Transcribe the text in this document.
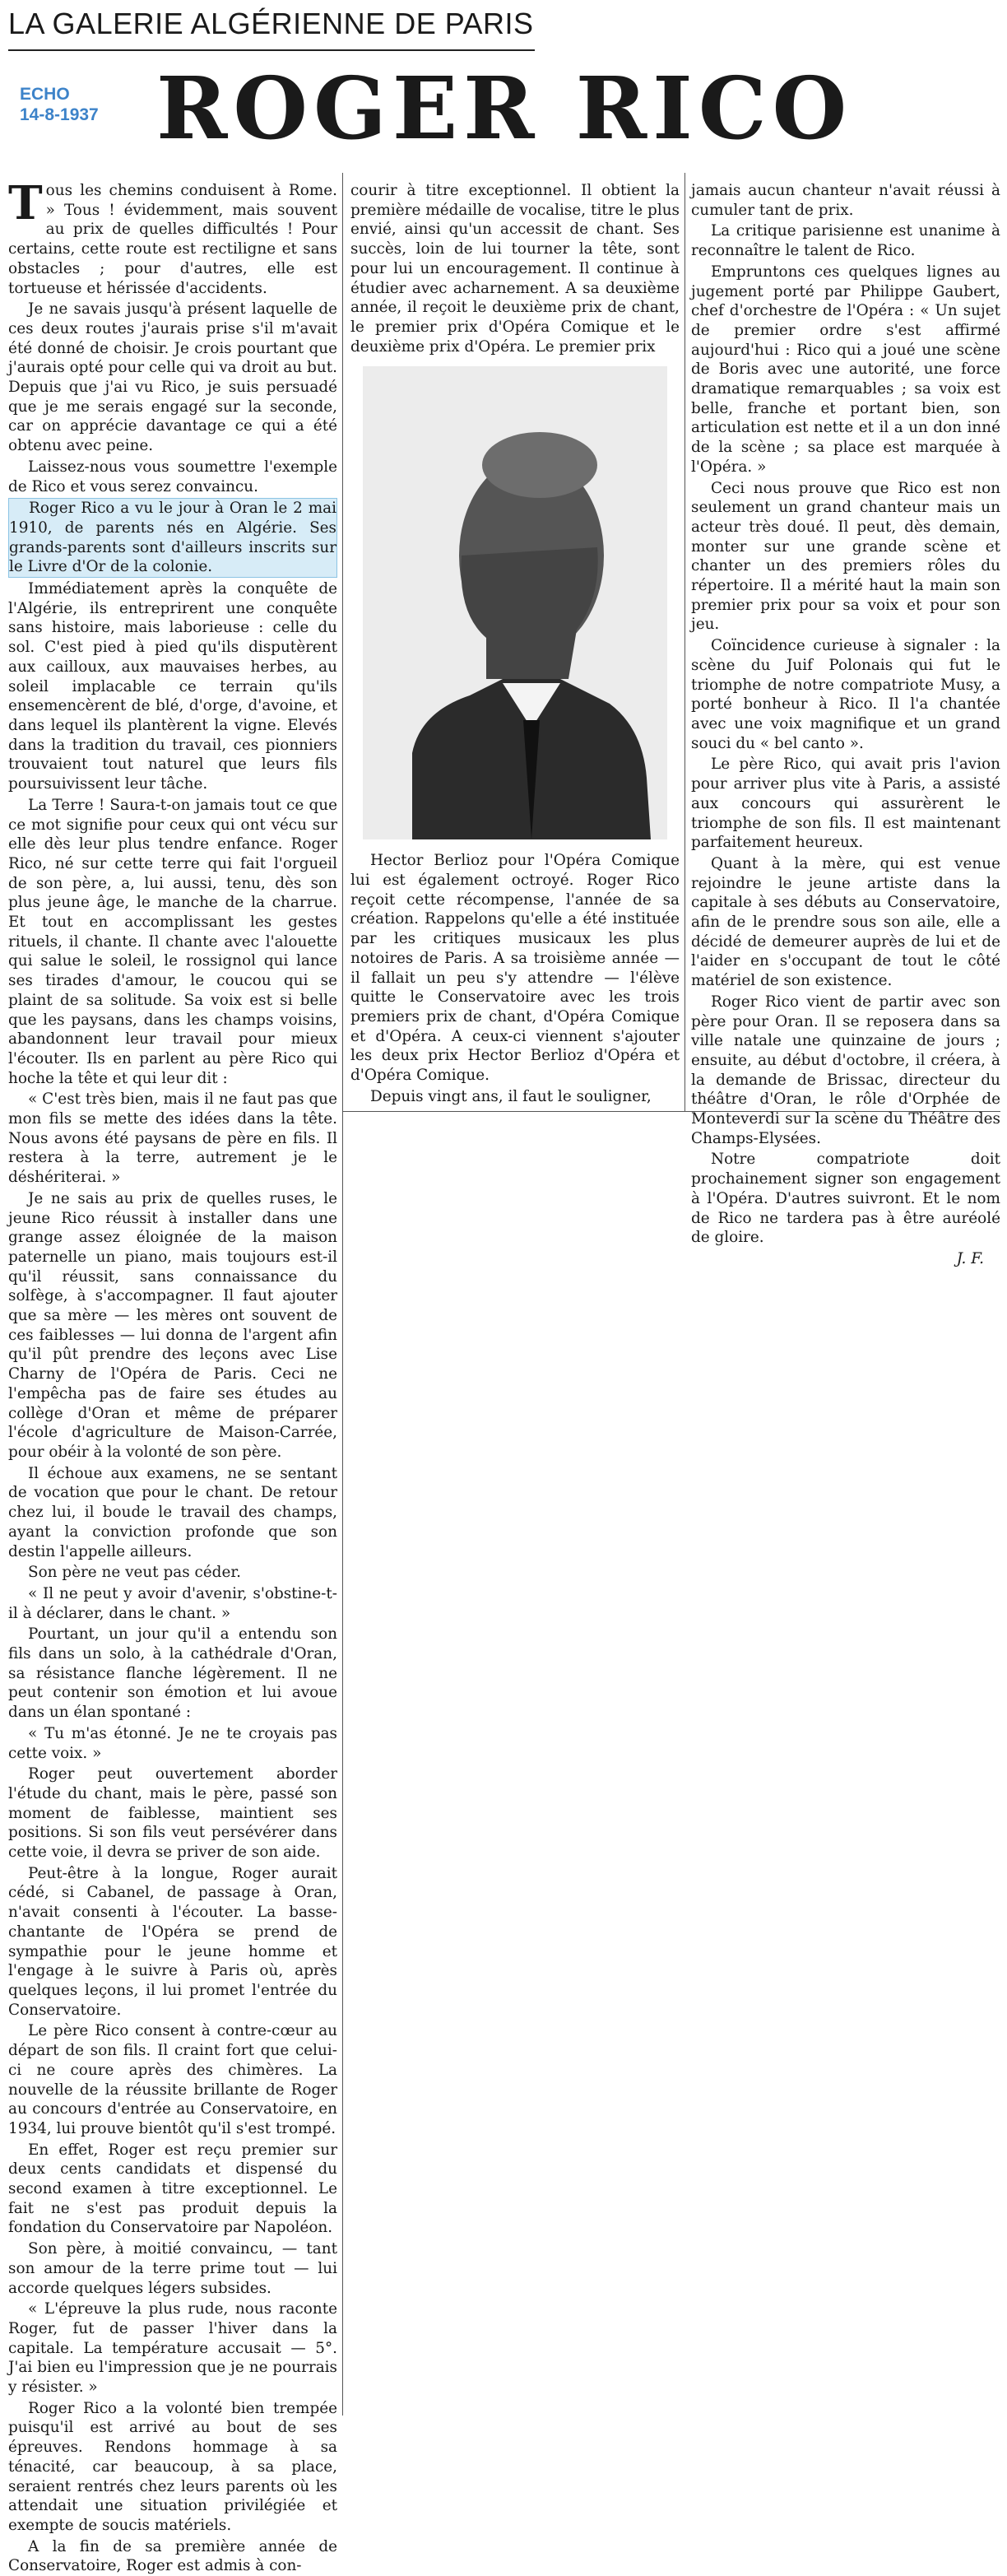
LA GALERIE ALGÉRIENNE DE PARIS
ECHO
14-8-1937 ROGER RICO

Tous les chemins conduisent à Rome. » Tous ! évidemment, mais souvent au prix de quelles difficultés ! Pour certains, cette route est rectiligne et sans obstacles ; pour d'autres, elle est tortueuse et hérissée d'accidents.

Je ne savais jusqu'à présent laquelle de ces deux routes j'aurais prise s'il m'avait été donné de choisir. Je crois pourtant que j'aurais opté pour celle qui va droit au but. Depuis que j'ai vu Rico, je suis persuadé que je me serais engagé sur la seconde, car on apprécie davantage ce qui a été obtenu avec peine.

Laissez-nous vous soumettre l'exemple de Rico et vous serez convaincu.

Roger Rico a vu le jour à Oran le 2 mai 1910, de parents nés en Algérie. Ses grands-parents sont d'ailleurs inscrits sur le Livre d'Or de la colonie.

Immédiatement après la conquête de l'Algérie, ils entreprirent une conquête sans histoire, mais laborieuse : celle du sol. C'est pied à pied qu'ils disputèrent aux cailloux, aux mauvaises herbes, au soleil implacable ce terrain qu'ils ensemencèrent de blé, d'orge, d'avoine, et dans lequel ils plantèrent la vigne. Elevés dans la tradition du travail, ces pionniers trouvaient tout naturel que leurs fils poursuivissent leur tâche.

La Terre ! Saura-t-on jamais tout ce que ce mot signifie pour ceux qui ont vécu sur elle dès leur plus tendre enfance. Roger Rico, né sur cette terre qui fait l'orgueil de son père, a, lui aussi, tenu, dès son plus jeune âge, le manche de la charrue. Et tout en accomplissant les gestes rituels, il chante. Il chante avec l'alouette qui salue le soleil, le rossignol qui lance ses tirades d'amour, le coucou qui se plaint de sa solitude. Sa voix est si belle que les paysans, dans les champs voisins, abandonnent leur travail pour mieux l'écouter. Ils en parlent au père Rico qui hoche la tête et qui leur dit :

« C'est très bien, mais il ne faut pas que mon fils se mette des idées dans la tête. Nous avons été paysans de père en fils. Il restera à la terre, autrement je le déshériterai. »

Je ne sais au prix de quelles ruses, le jeune Rico réussit à installer dans une grange assez éloignée de la maison paternelle un piano, mais toujours est-il qu'il réussit, sans connaissance du solfège, à s'accompagner. Il faut ajouter que sa mère — les mères ont souvent de ces faiblesses — lui donna de l'argent afin qu'il pût prendre des leçons avec Lise Charny de l'Opéra de Paris. Ceci ne l'empêcha pas de faire ses études au collège d'Oran et même de préparer l'école d'agriculture de Maison-Carrée, pour obéir à la volonté de son père.

Il échoue aux examens, ne se sentant de vocation que pour le chant. De retour chez lui, il boude le travail des champs, ayant la conviction profonde que son destin l'appelle ailleurs.

Son père ne veut pas céder.

« Il ne peut y avoir d'avenir, s'obstine-t-il à déclarer, dans le chant. »

Pourtant, un jour qu'il a entendu son fils dans un solo, à la cathédrale d'Oran, sa résistance flanche légèrement. Il ne peut contenir son émotion et lui avoue dans un élan spontané :

« Tu m'as étonné. Je ne te croyais pas cette voix. »

Roger peut ouvertement aborder l'étude du chant, mais le père, passé son moment de faiblesse, maintient ses positions. Si son fils veut persévérer dans cette voie, il devra se priver de son aide.

Peut-être à la longue, Roger aurait cédé, si Cabanel, de passage à Oran, n'avait consenti à l'écouter. La basse-chantante de l'Opéra se prend de sympathie pour le jeune homme et l'engage à le suivre à Paris où, après quelques leçons, il lui promet l'entrée du Conservatoire.

Le père Rico consent à contre-cœur au départ de son fils. Il craint fort que celui-ci ne coure après des chimères. La nouvelle de la réussite brillante de Roger au concours d'entrée au Conservatoire, en 1934, lui prouve bientôt qu'il s'est trompé.

En effet, Roger est reçu premier sur deux cents candidats et dispensé du second examen à titre exceptionnel. Le fait ne s'est pas produit depuis la fondation du Conservatoire par Napoléon.

Son père, à moitié convaincu, — tant son amour de la terre prime tout — lui accorde quelques légers subsides.

« L'épreuve la plus rude, nous raconte Roger, fut de passer l'hiver dans la capitale. La température accusait — 5°. J'ai bien eu l'impression que je ne pourrais y résister. »

Roger Rico a la volonté bien trempée puisqu'il est arrivé au bout de ses épreuves. Rendons hommage à sa ténacité, car beaucoup, à sa place, seraient rentrés chez leurs parents où les attendait une situation privilégiée et exempte de soucis matériels.

A la fin de sa première année de Conservatoire, Roger est admis à con-

courir à titre exceptionnel. Il obtient la première médaille de vocalise, titre le plus envié, ainsi qu'un accessit de chant. Ses succès, loin de lui tourner la tête, sont pour lui un encouragement. Il continue à étudier avec acharnement. A sa deuxième année, il reçoit le deuxième prix de chant, le premier prix d'Opéra Comique et le deuxième prix d'Opéra. Le premier prix

Hector Berlioz pour l'Opéra Comique lui est également octroyé. Roger Rico reçoit cette récompense, l'année de sa création. Rappelons qu'elle a été instituée par les critiques musicaux les plus notoires de Paris. A sa troisième année — il fallait un peu s'y attendre — l'élève quitte le Conservatoire avec les trois premiers prix de chant, d'Opéra Comique et d'Opéra. A ceux-ci viennent s'ajouter les deux prix Hector Berlioz d'Opéra et d'Opéra Comique.

Depuis vingt ans, il faut le souligner,

jamais aucun chanteur n'avait réussi à cumuler tant de prix.

La critique parisienne est unanime à reconnaître le talent de Rico.

Empruntons ces quelques lignes au jugement porté par Philippe Gaubert, chef d'orchestre de l'Opéra : « Un sujet de premier ordre s'est affirmé aujourd'hui : Rico qui a joué une scène de Boris avec une autorité, une force dramatique remarquables ; sa voix est belle, franche et portant bien, son articulation est nette et il a un don inné de la scène ; sa place est marquée à l'Opéra. »

Ceci nous prouve que Rico est non seulement un grand chanteur mais un acteur très doué. Il peut, dès demain, monter sur une grande scène et chanter un des premiers rôles du répertoire. Il a mérité haut la main son premier prix pour sa voix et pour son jeu.

Coïncidence curieuse à signaler : la scène du Juif Polonais qui fut le triomphe de notre compatriote Musy, a porté bonheur à Rico. Il l'a chantée avec une voix magnifique et un grand souci du « bel canto ».

Le père Rico, qui avait pris l'avion pour arriver plus vite à Paris, a assisté aux concours qui assurèrent le triomphe de son fils. Il est maintenant parfaitement heureux.

Quant à la mère, qui est venue rejoindre le jeune artiste dans la capitale à ses débuts au Conservatoire, afin de le prendre sous son aile, elle a décidé de demeurer auprès de lui et de l'aider en s'occupant de tout le côté matériel de son existence.

Roger Rico vient de partir avec son père pour Oran. Il se reposera dans sa ville natale une quinzaine de jours ; ensuite, au début d'octobre, il créera, à la demande de Brissac, directeur du théâtre d'Oran, le rôle d'Orphée de Monteverdi sur la scène du Théâtre des Champs-Elysées.

Notre compatriote doit prochainement signer son engagement à l'Opéra. D'autres suivront. Et le nom de Rico ne tardera pas à être auréolé de gloire.

J. F.
